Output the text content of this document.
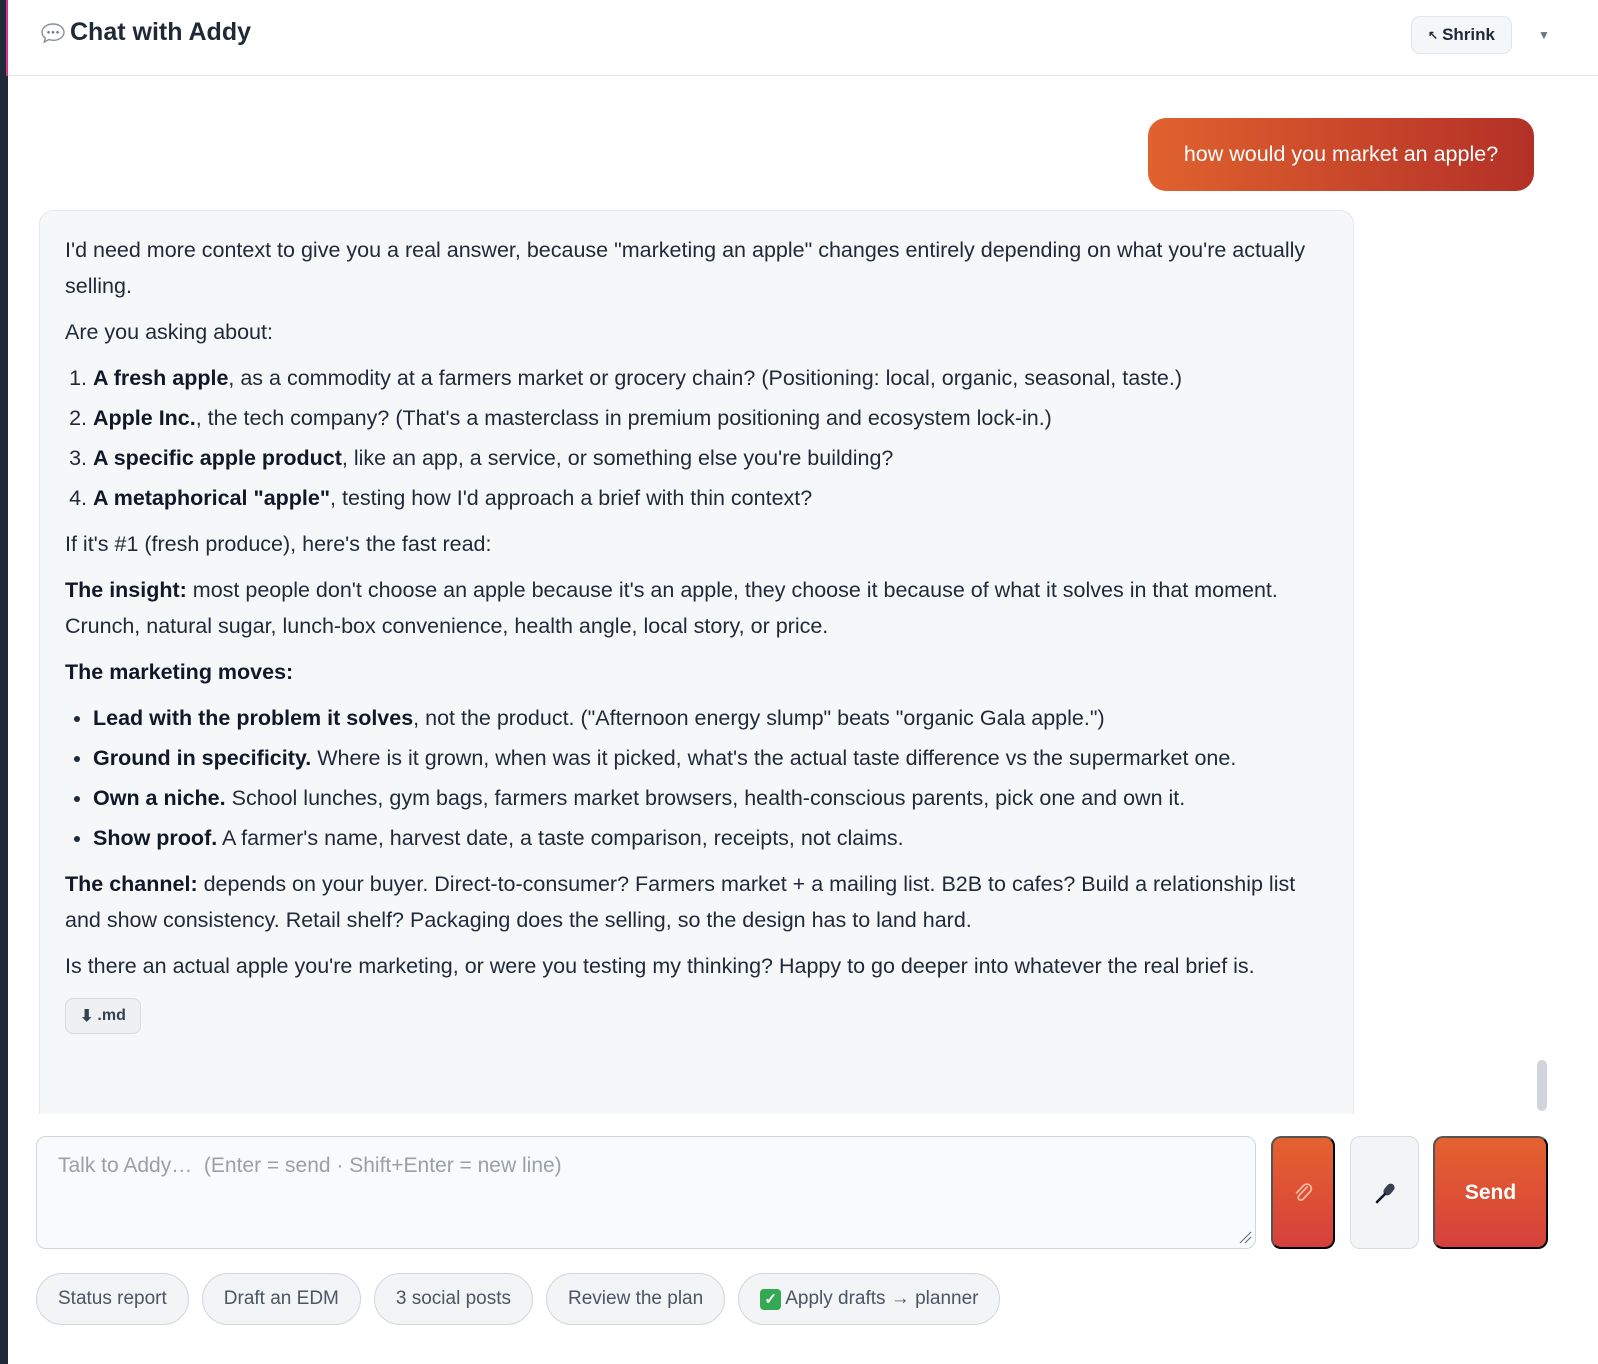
Chat with Addy	↖ Shrink	▼
how would you market an apple?

I'd need more context to give you a real answer, because "marketing an apple" changes entirely depending on what you're actually selling.

Are you asking about:

1. A fresh apple, as a commodity at a farmers market or grocery chain? (Positioning: local, organic, seasonal, taste.)
2. Apple Inc., the tech company? (That's a masterclass in premium positioning and ecosystem lock-in.)
3. A specific apple product, like an app, a service, or something else you're building?
4. A metaphorical "apple", testing how I'd approach a brief with thin context?

If it's #1 (fresh produce), here's the fast read:

The insight: most people don't choose an apple because it's an apple, they choose it because of what it solves in that moment. Crunch, natural sugar, lunch-box convenience, health angle, local story, or price.

The marketing moves:

• Lead with the problem it solves, not the product. ("Afternoon energy slump" beats "organic Gala apple.")
• Ground in specificity. Where is it grown, when was it picked, what's the actual taste difference vs the supermarket one.
• Own a niche. School lunches, gym bags, farmers market browsers, health-conscious parents, pick one and own it.
• Show proof. A farmer's name, harvest date, a taste comparison, receipts, not claims.

The channel: depends on your buyer. Direct-to-consumer? Farmers market + a mailing list. B2B to cafes? Build a relationship list and show consistency. Retail shelf? Packaging does the selling, so the design has to land hard.

Is there an actual apple you're marketing, or were you testing my thinking? Happy to go deeper into whatever the real brief is.

⬇ .md
Talk to Addy… (Enter = send · Shift+Enter = new line)
Send
Status report	Draft an EDM	3 social posts	Review the plan	✓ Apply drafts → planner
